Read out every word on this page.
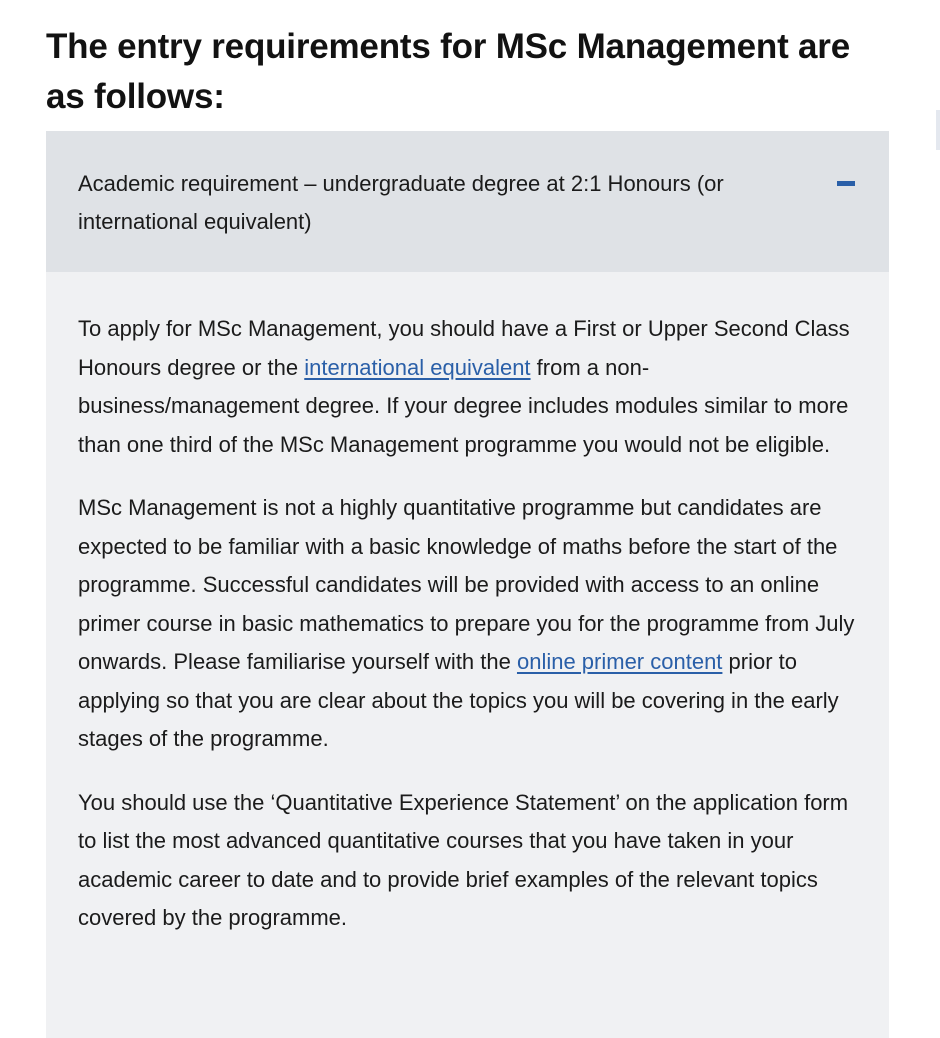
The entry requirements for MSc Management are as follows:
Academic requirement – undergraduate degree at 2:1 Honours (or international equivalent)

To apply for MSc Management, you should have a First or Upper Second Class Honours degree or the international equivalent from a non-business/management degree. If your degree includes modules similar to more than one third of the MSc Management programme you would not be eligible.

MSc Management is not a highly quantitative programme but candidates are expected to be familiar with a basic knowledge of maths before the start of the programme. Successful candidates will be provided with access to an online primer course in basic mathematics to prepare you for the programme from July onwards. Please familiarise yourself with the online primer content prior to applying so that you are clear about the topics you will be covering in the early stages of the programme.

You should use the ‘Quantitative Experience Statement’ on the application form to list the most advanced quantitative courses that you have taken in your academic career to date and to provide brief examples of the relevant topics covered by the programme.
